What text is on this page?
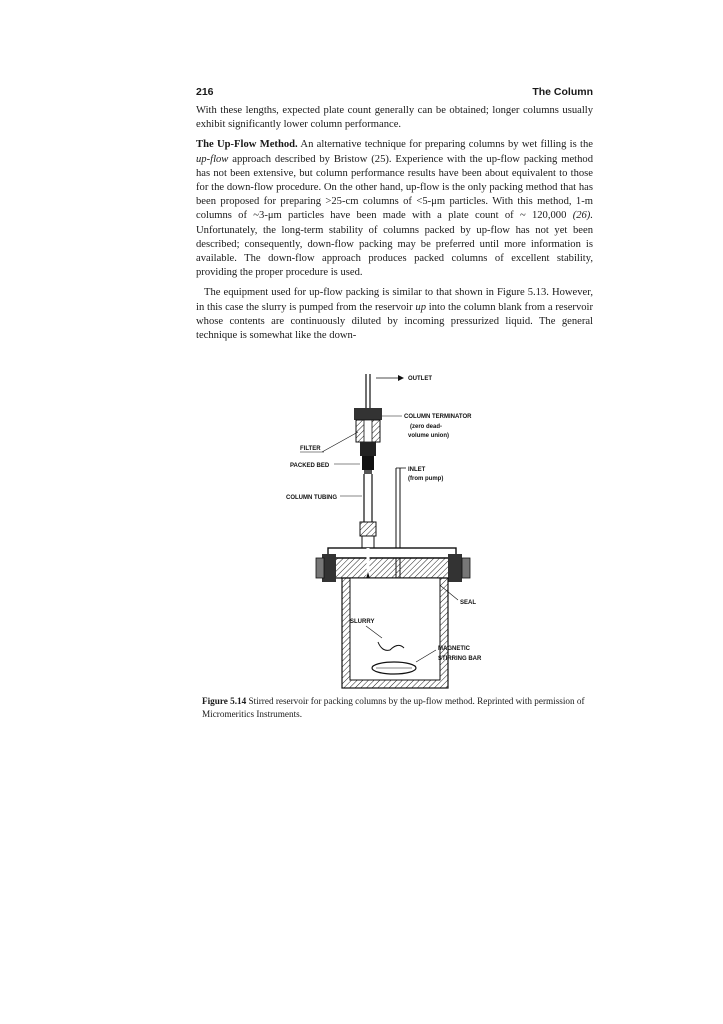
216	The Column

With these lengths, expected plate count generally can be obtained; longer columns usually exhibit significantly lower column performance.

The Up-Flow Method. An alternative technique for preparing columns by wet filling is the up-flow approach described by Bristow (25). Experience with the up-flow packing method has not been extensive, but column performance results have been about equivalent to those for the down-flow procedure. On the other hand, up-flow is the only packing method that has been proposed for preparing >25-cm columns of <5-μm particles. With this method, 1-m columns of ~3-μm particles have been made with a plate count of ~ 120,000 (26). Unfortunately, the long-term stability of columns packed by up-flow has not yet been described; consequently, down-flow packing may be preferred until more information is available. The down-flow approach produces packed columns of excellent stability, providing the proper procedure is used.

The equipment used for up-flow packing is similar to that shown in Figure 5.13. However, in this case the slurry is pumped from the reservoir up into the column blank from a reservoir whose contents are continuously diluted by incoming pressurized liquid. The general technique is somewhat like the down-

OUTLET
COLUMN TERMINATOR
(zero dead-
volume union)
FILTER
PACKED BED
INLET
(from pump)
COLUMN TUBING
SEAL
SLURRY
MAGNETIC
STIRRING BAR
Figure 5.14 Stirred reservoir for packing columns by the up-flow method. Reprinted with permission of Micromeritics Instruments.
